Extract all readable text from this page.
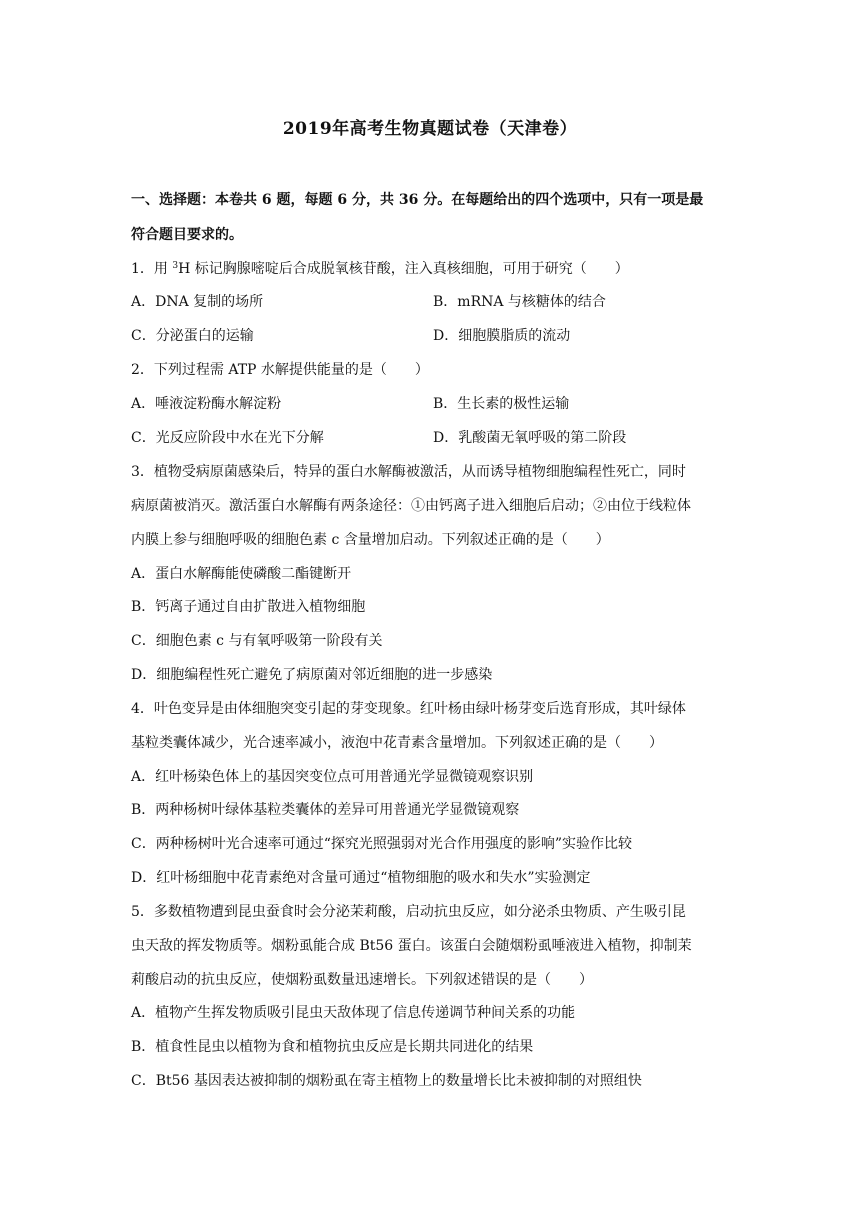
2019年高考生物真题试卷（天津卷）
一、选择题：本卷共 6 题，每题 6 分，共 36 分。在每题给出的四个选项中，只有一项是最
符合题目要求的。
1．用 $^3$H 标记胸腺嘧啶后合成脱氧核苷酸，注入真核细胞，可用于研究（　　）
A．DNA 复制的场所	B．mRNA 与核糖体的结合
C．分泌蛋白的运输	D．细胞膜脂质的流动
2．下列过程需 ATP 水解提供能量的是（　　）
A．唾液淀粉酶水解淀粉	B．生长素的极性运输
C．光反应阶段中水在光下分解	D．乳酸菌无氧呼吸的第二阶段
3．植物受病原菌感染后，特异的蛋白水解酶被激活，从而诱导植物细胞编程性死亡，同时
病原菌被消灭。激活蛋白水解酶有两条途径：①由钙离子进入细胞后启动；②由位于线粒体
内膜上参与细胞呼吸的细胞色素 c 含量增加启动。下列叙述正确的是（　　）
A．蛋白水解酶能使磷酸二酯键断开
B．钙离子通过自由扩散进入植物细胞
C．细胞色素 c 与有氧呼吸第一阶段有关
D．细胞编程性死亡避免了病原菌对邻近细胞的进一步感染
4．叶色变异是由体细胞突变引起的芽变现象。红叶杨由绿叶杨芽变后选育形成，其叶绿体
基粒类囊体减少，光合速率减小，液泡中花青素含量增加。下列叙述正确的是（　　）
A．红叶杨染色体上的基因突变位点可用普通光学显微镜观察识别
B．两种杨树叶绿体基粒类囊体的差异可用普通光学显微镜观察
C．两种杨树叶光合速率可通过“探究光照强弱对光合作用强度的影响”实验作比较
D．红叶杨细胞中花青素绝对含量可通过“植物细胞的吸水和失水”实验测定
5．多数植物遭到昆虫蚕食时会分泌茉莉酸，启动抗虫反应，如分泌杀虫物质、产生吸引昆
虫天敌的挥发物质等。烟粉虱能合成 Bt56 蛋白。该蛋白会随烟粉虱唾液进入植物，抑制茉
莉酸启动的抗虫反应，使烟粉虱数量迅速增长。下列叙述错误的是（　　）
A．植物产生挥发物质吸引昆虫天敌体现了信息传递调节种间关系的功能
B．植食性昆虫以植物为食和植物抗虫反应是长期共同进化的结果
C．Bt56 基因表达被抑制的烟粉虱在寄主植物上的数量增长比未被抑制的对照组快
